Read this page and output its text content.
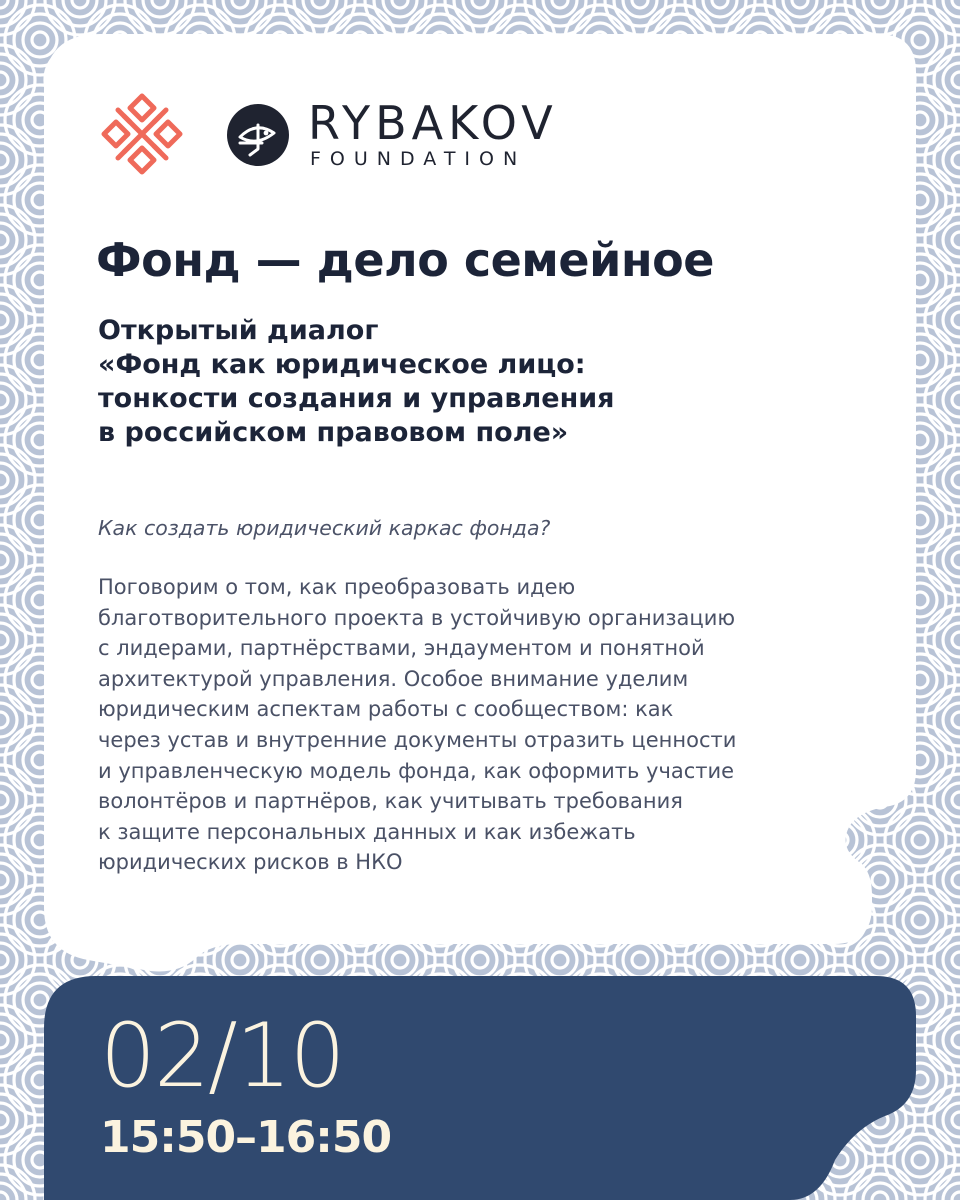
RYBAKOV
FOUNDATION
Фонд — дело семейное
Открытый диалог
«Фонд как юридическое лицо:
тонкости создания и управления
в российском правовом поле»
Как создать юридический каркас фонда?
Поговорим о том, как преобразовать идею
благотворительного проекта в устойчивую организацию
с лидерами, партнёрствами, эндаументом и понятной
архитектурой управления. Особое внимание уделим
юридическим аспектам работы с сообществом: как
через устав и внутренние документы отразить ценности
и управленческую модель фонда, как оформить участие
волонтёров и партнёров, как учитывать требования
к защите персональных данных и как избежать
юридических рисков в НКО
02/10
15:50–16:50
